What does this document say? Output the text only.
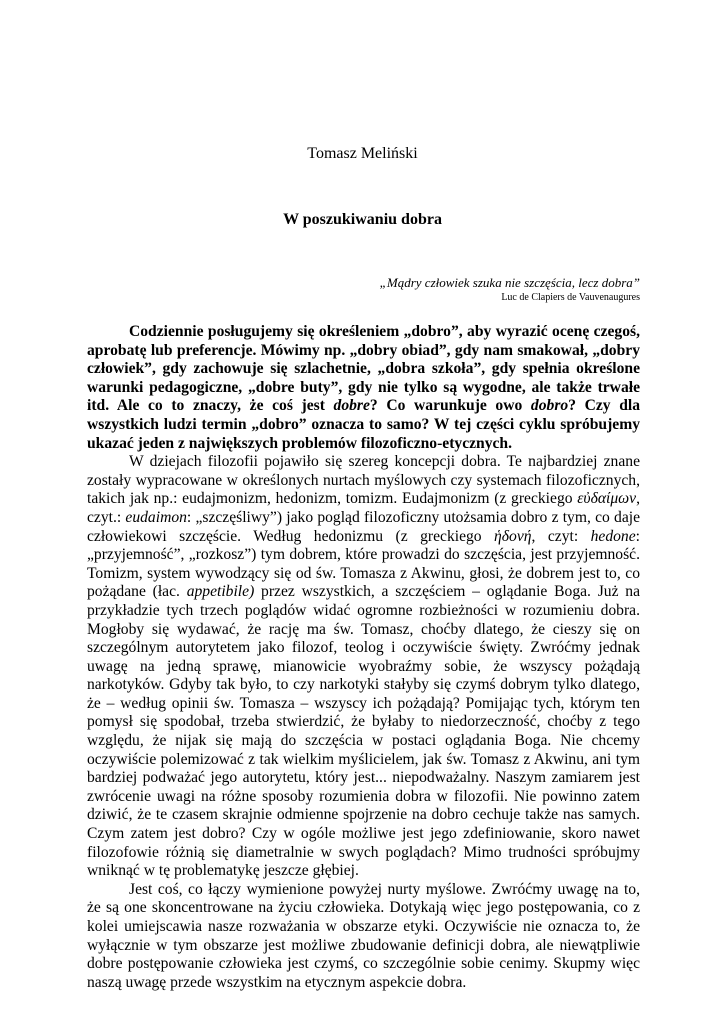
Tomasz Meliński
W poszukiwaniu dobra

„Mądry człowiek szuka nie szczęścia, lecz dobra”

Luc de Clapiers de Vauvenaugures

Codziennie posługujemy się określeniem „dobro”, aby wyrazić ocenę czegoś, aprobatę lub preferencje. Mówimy np. „dobry obiad”, gdy nam smakował, „dobry człowiek”, gdy zachowuje się szlachetnie, „dobra szkoła”, gdy spełnia określone warunki pedagogiczne, „dobre buty”, gdy nie tylko są wygodne, ale także trwałe itd. Ale co to znaczy, że coś jest dobre? Co warunkuje owo dobro? Czy dla wszystkich ludzi termin „dobro” oznacza to samo? W tej części cyklu spróbujemy ukazać jeden z największych problemów filozoficzno-etycznych.

W dziejach filozofii pojawiło się szereg koncepcji dobra. Te najbardziej znane zostały wypracowane w określonych nurtach myślowych czy systemach filozoficznych, takich jak np.: eudajmonizm, hedonizm, tomizm. Eudajmonizm (z greckiego εὐδαίμων, czyt.: eudaimon: „szczęśliwy”) jako pogląd filozoficzny utożsamia dobro z tym, co daje człowiekowi szczęście. Według hedonizmu (z greckiego ἡδονή, czyt: hedone: „przyjemność”, „rozkosz”) tym dobrem, które prowadzi do szczęścia, jest przyjemność. Tomizm, system wywodzący się od św. Tomasza z Akwinu, głosi, że dobrem jest to, co pożądane (łac. appetibile) przez wszystkich, a szczęściem – oglądanie Boga. Już na przykładzie tych trzech poglądów widać ogromne rozbieżności w rozumieniu dobra. Mogłoby się wydawać, że rację ma św. Tomasz, choćby dlatego, że cieszy się on szczególnym autorytetem jako filozof, teolog i oczywiście święty. Zwróćmy jednak uwagę na jedną sprawę, mianowicie wyobraźmy sobie, że wszyscy pożądają narkotyków. Gdyby tak było, to czy narkotyki stałyby się czymś dobrym tylko dlatego, że – według opinii św. Tomasza – wszyscy ich pożądają? Pomijając tych, którym ten pomysł się spodobał, trzeba stwierdzić, że byłaby to niedorzeczność, choćby z tego względu, że nijak się mają do szczęścia w postaci oglądania Boga. Nie chcemy oczywiście polemizować z tak wielkim myślicielem, jak św. Tomasz z Akwinu, ani tym bardziej podważać jego autorytetu, który jest... niepodważalny. Naszym zamiarem jest zwrócenie uwagi na różne sposoby rozumienia dobra w filozofii. Nie powinno zatem dziwić, że te czasem skrajnie odmienne spojrzenie na dobro cechuje także nas samych. Czym zatem jest dobro? Czy w ogóle możliwe jest jego zdefiniowanie, skoro nawet filozofowie różnią się diametralnie w swych poglądach? Mimo trudności spróbujmy wniknąć w tę problematykę jeszcze głębiej.

Jest coś, co łączy wymienione powyżej nurty myślowe. Zwróćmy uwagę na to, że są one skoncentrowane na życiu człowieka. Dotykają więc jego postępowania, co z kolei umiejscawia nasze rozważania w obszarze etyki. Oczywiście nie oznacza to, że wyłącznie w tym obszarze jest możliwe zbudowanie definicji dobra, ale niewątpliwie dobre postępowanie człowieka jest czymś, co szczególnie sobie cenimy. Skupmy więc naszą uwagę przede wszystkim na etycznym aspekcie dobra.
